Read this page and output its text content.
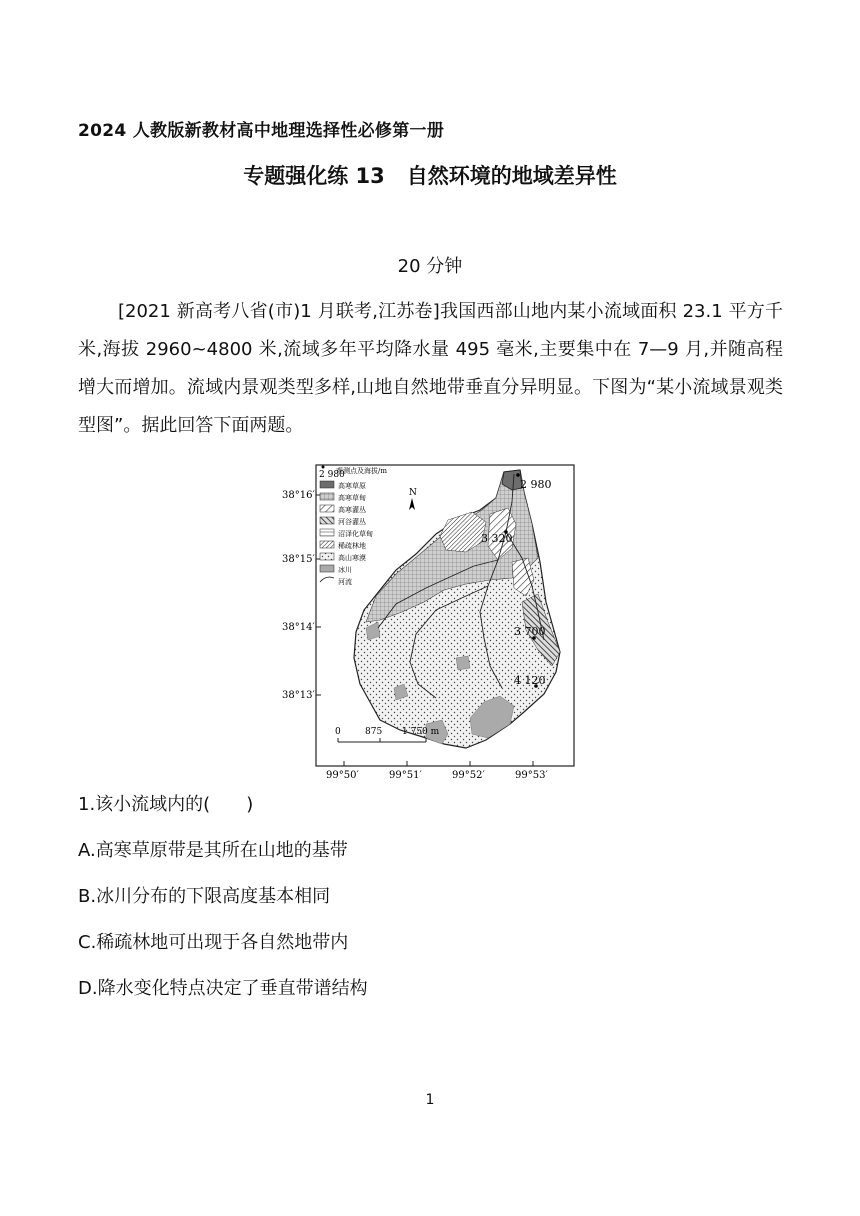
2024 人教版新教材高中地理选择性必修第一册
专题强化练 13 自然环境的地域差异性
20 分钟
[2021 新高考八省(市)1 月联考,江苏卷]我国西部山地内某小流域面积 23.1 平方千米,海拔 2960~4800 米,流域多年平均降水量 495 毫米,主要集中在 7—9 月,并随高程增大而增加。流域内景观类型多样,山地自然地带垂直分异明显。下图为“某小流域景观类型图”。据此回答下面两题。
38°16′
38°15′
38°14′
38°13′
99°50′	99°51′	99°52′	99°53′
2 980
3 320
3 700
4 120
N
2 980
观测点及海拔/m
高寒草原
高寒草甸
高寒灌丛
河谷灌丛
沼泽化草甸
稀疏林地
高山寒漠
冰川
河流
0	875 1 750 m
1.该小流域内的(　　)
A.高寒草原带是其所在山地的基带
B.冰川分布的下限高度基本相同
C.稀疏林地可出现于各自然地带内
D.降水变化特点决定了垂直带谱结构
1
